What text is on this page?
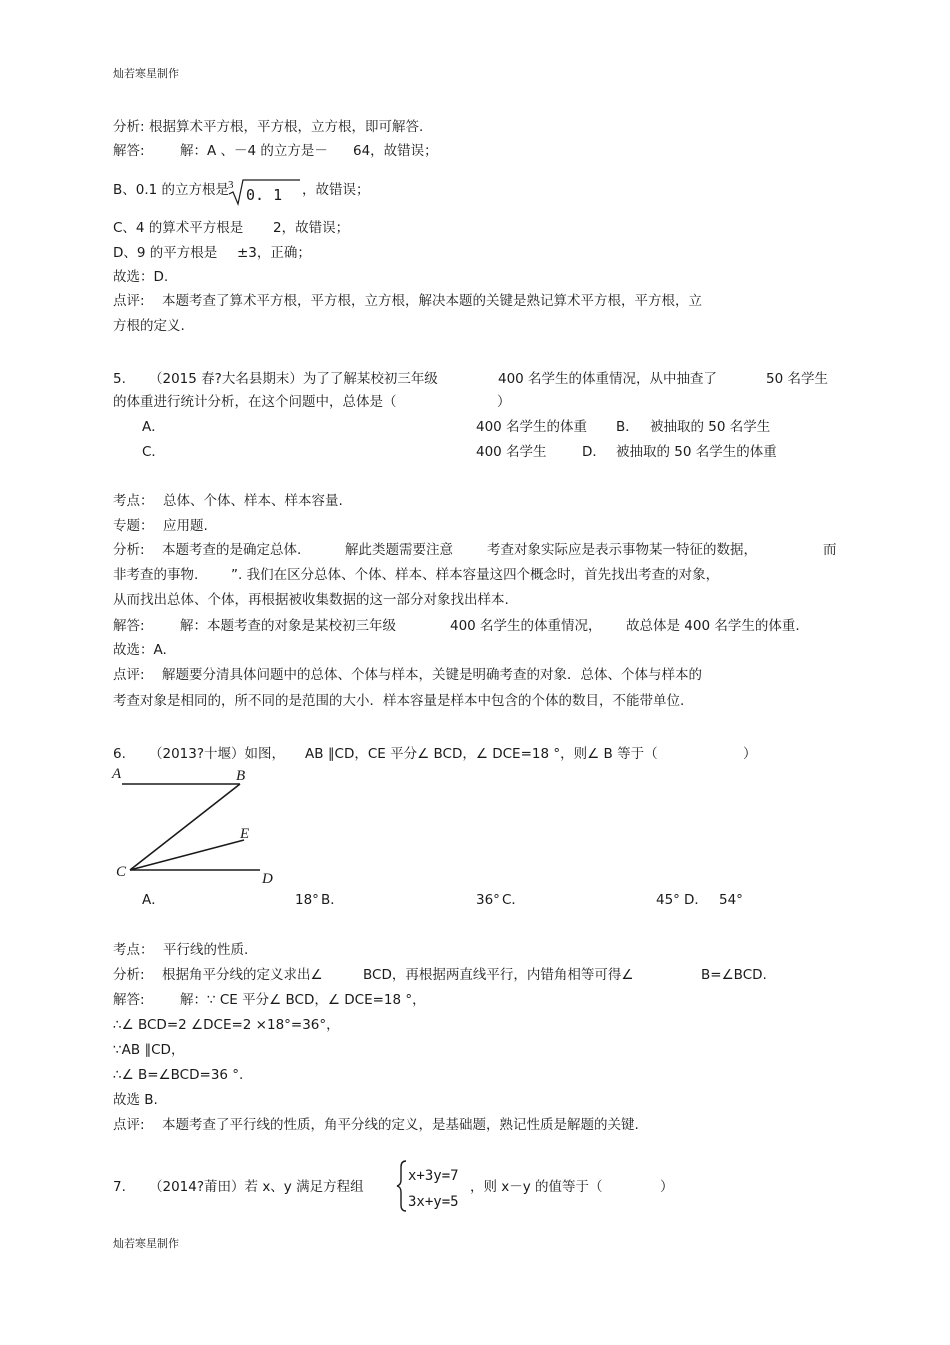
灿若寒星制作
分析: 根据算术平方根，平方根，立方根，即可解答.
解答:	解：A 、－4 的立方是－ 64，故错误；
B、0.1 的立方根是
3
0. 1 ，故错误；
C、4 的算术平方根是 2，故错误；
D、9 的平方根是 ±3，正确；
故选：D.
点评: 本题考查了算术平方根，平方根，立方根，解决本题的关键是熟记算术平方根，平方根，立
方根的定义.
5. （2015 春?大名县期末）为了了解某校初三年级	400 名学生的体重情况，从中抽查了	50 名学生
的体重进行统计分析，在这个问题中，总体是（	）
A．	400 名学生的体重 B． 被抽取的 50 名学生
C．	400 名学生	D． 被抽取的 50 名学生的体重
考点： 总体、个体、样本、样本容量.
专题： 应用题.
分析: 本题考查的是确定总体.	解此类题需要注意	考查对象实际应是表示事物某一特征的数据，	而
非考查的事物. ”. 我们在区分总体、个体、样本、样本容量这四个概念时，首先找出考查的对象，
从而找出总体、个体，再根据被收集数据的这一部分对象找出样本.
解答:	解：本题考查的对象是某校初三年级	400 名学生的体重情况， 故总体是 400 名学生的体重.
故选：A.
点评: 解题要分清具体问题中的总体、个体与样本，关键是明确考查的对象．总体、个体与样本的
考查对象是相同的，所不同的是范围的大小．样本容量是样本中包含的个体的数目，不能带单位.
6. （2013?十堰）如图， AB ∥CD，CE 平分∠ BCD，∠ DCE=18 °，则∠ B 等于（	）
A	B
E
C	D
A．	18° B．	36° C．	45° D． 54°
考点： 平行线的性质.
分析: 根据角平分线的定义求出∠	BCD，再根据两直线平行，内错角相等可得∠	B=∠BCD.
解答:	解：∵ CE 平分∠ BCD，∠ DCE=18 °，
∴∠ BCD=2 ∠DCE=2 ×18°=36°，
∵AB ∥CD，
∴∠ B=∠BCD=36 °.
故选 B.
点评: 本题考查了平行线的性质，角平分线的定义，是基础题，熟记性质是解题的关键.
7. （2014?莆田）若 x、y 满足方程组
x+3y=7
3x+y=5
，则 x－y 的值等于（	）
灿若寒星制作
